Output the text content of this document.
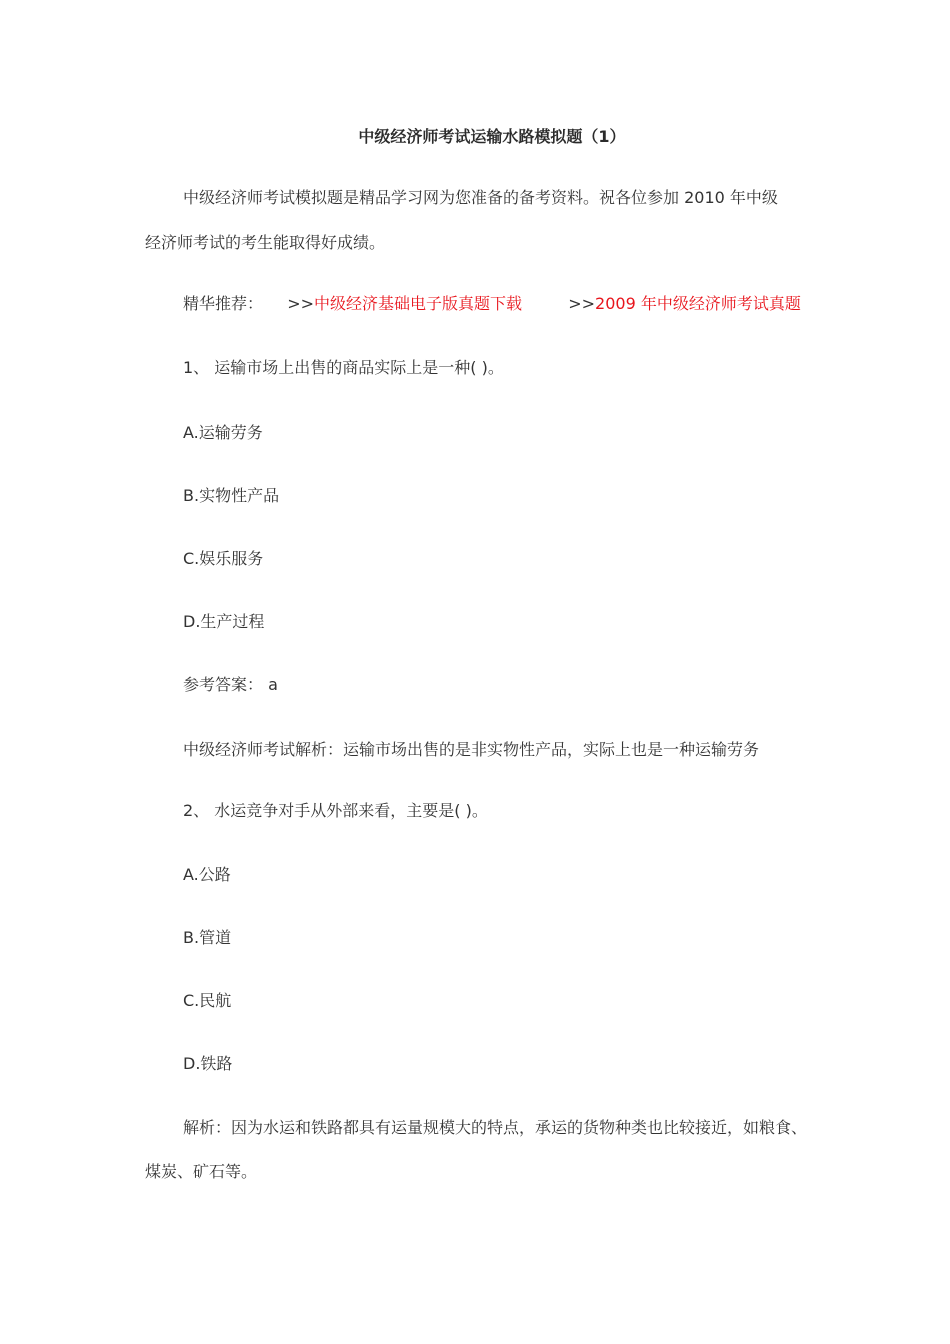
中级经济师考试运输水路模拟题（1）
中级经济师考试模拟题是精品学习网为您准备的备考资料。祝各位参加 2010 年中级
经济师考试的考生能取得好成绩。
精华推荐： >>中级经济基础电子版真题下载	>>2009 年中级经济师考试真题
1、 运输市场上出售的商品实际上是一种( )。
A.运输劳务
B.实物性产品
C.娱乐服务
D.生产过程
参考答案： a
中级经济师考试解析：运输市场出售的是非实物性产品，实际上也是一种运输劳务
2、 水运竞争对手从外部来看，主要是( )。
A.公路
B.管道
C.民航
D.铁路
解析：因为水运和铁路都具有运量规模大的特点，承运的货物种类也比较接近，如粮食、
煤炭、矿石等。
